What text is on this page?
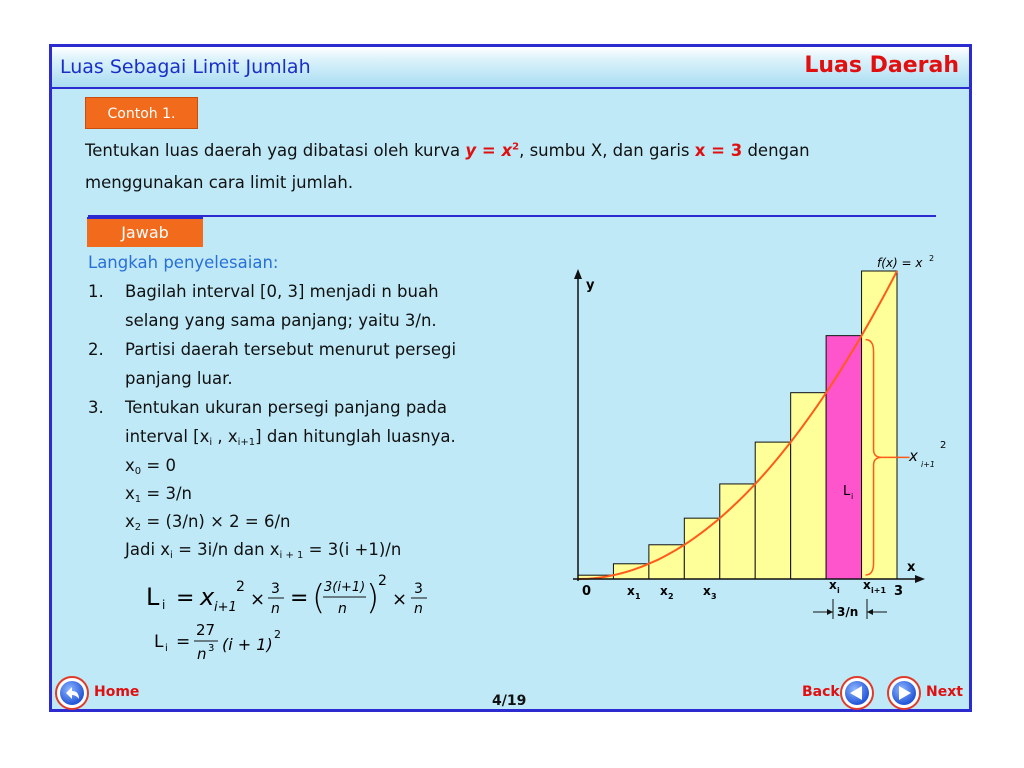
Luas Sebagai Limit Jumlah	Luas Daerah
Contoh 1.
Tentukan luas daerah yag dibatasi oleh kurva $y = x^2$, sumbu X, dan garis x = 3 dengan
menggunakan cara limit jumlah.
Jawab
Langkah penyelesaian:
1. Bagilah interval [0, 3] menjadi n buah
selang yang sama panjang; yaitu 3/n.
2. Partisi daerah tersebut menurut persegi
panjang luar.
3. Tentukan ukuran persegi panjang pada
interval [$x_i$ , $x_{i+1}$] dan hitunglah luasnya.
$x_0 = 0$
$x_1 = 3/n$
$x_2 = (3/n) \times 2 = 6/n$
Jadi $x_i = 3i/n$ dan $x_{i + 1} = 3(i +1)/n$
L i = x i+1
2
× 3
n = (
3(i+1)
n )
2
× 3
n
L i =
27
n 3 (i + 1)
2
y
x
0
f(x) = x 2
x 1 x 2 x 3
x i x i+1 3
L i
x i+1
2
3/n
Home	Back	Next
4/19
